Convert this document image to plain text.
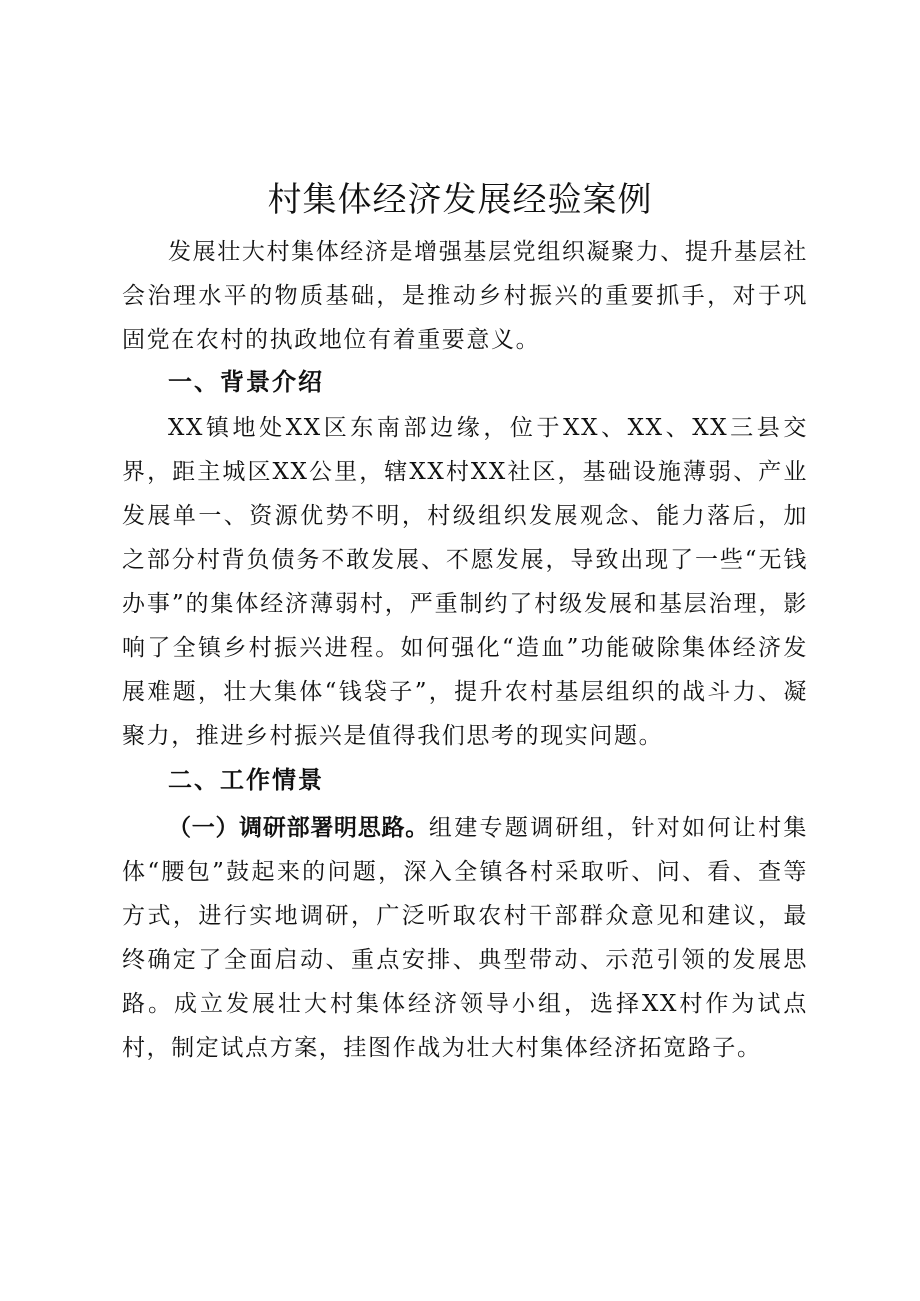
村集体经济发展经验案例

发展壮大村集体经济是增强基层党组织凝聚力、提升基层社会治理水平的物质基础，是推动乡村振兴的重要抓手，对于巩固党在农村的执政地位有着重要意义。

一、背景介绍

XX镇地处XX区东南部边缘，位于XX、XX、XX三县交界，距主城区XX公里，辖XX村XX社区，基础设施薄弱、产业发展单一、资源优势不明，村级组织发展观念、能力落后，加之部分村背负债务不敢发展、不愿发展，导致出现了一些“无钱办事”的集体经济薄弱村，严重制约了村级发展和基层治理，影响了全镇乡村振兴进程。如何强化“造血”功能破除集体经济发展难题，壮大集体“钱袋子”，提升农村基层组织的战斗力、凝聚力，推进乡村振兴是值得我们思考的现实问题。

二、工作情景

（一）调研部署明思路。组建专题调研组，针对如何让村集体“腰包”鼓起来的问题，深入全镇各村采取听、问、看、查等方式，进行实地调研，广泛听取农村干部群众意见和建议，最终确定了全面启动、重点安排、典型带动、示范引领的发展思路。成立发展壮大村集体经济领导小组，选择XX村作为试点村，制定试点方案，挂图作战为壮大村集体经济拓宽路子。
